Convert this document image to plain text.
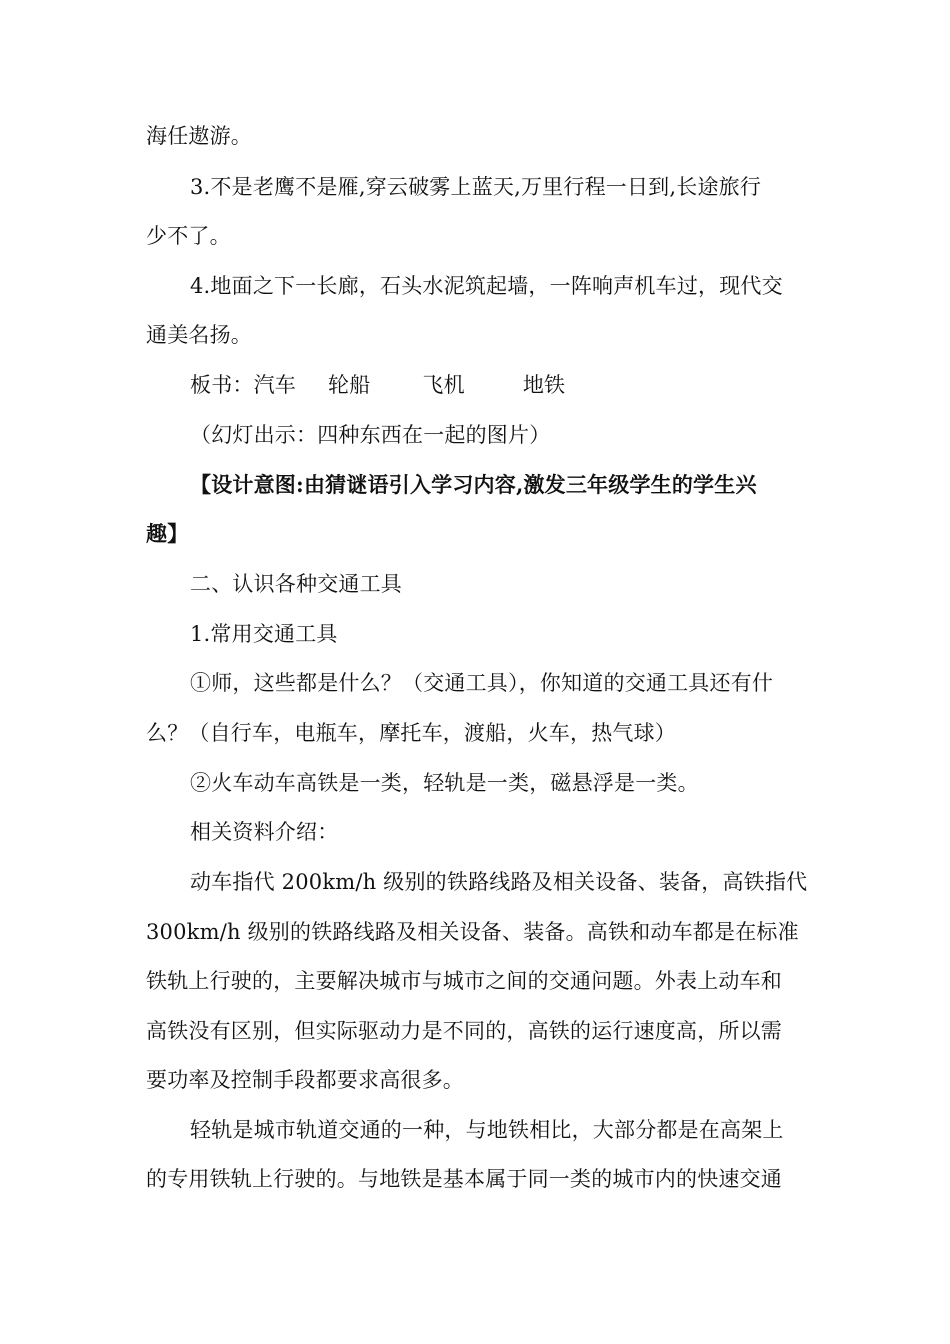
海任遨游。
3.不是老鹰不是雁,穿云破雾上蓝天,万里行程一日到,长途旅行
少不了。
4.地面之下一长廊，石头水泥筑起墙，一阵响声机车过，现代交
通美名扬。
板书：汽车 轮船 飞机	地铁
（幻灯出示：四种东西在一起的图片）
【设计意图:由猜谜语引入学习内容,激发三年级学生的学生兴
趣】
二、认识各种交通工具
1.常用交通工具
①师，这些都是什么？（交通工具），你知道的交通工具还有什
么？（自行车，电瓶车，摩托车，渡船，火车，热气球）
②火车动车高铁是一类，轻轨是一类，磁悬浮是一类。
相关资料介绍：
动车指代 200km/h 级别的铁路线路及相关设备、装备，高铁指代
300km/h 级别的铁路线路及相关设备、装备。高铁和动车都是在标准
铁轨上行驶的，主要解决城市与城市之间的交通问题。外表上动车和
高铁没有区别，但实际驱动力是不同的，高铁的运行速度高，所以需
要功率及控制手段都要求高很多。
轻轨是城市轨道交通的一种，与地铁相比，大部分都是在高架上
的专用铁轨上行驶的。与地铁是基本属于同一类的城市内的快速交通
